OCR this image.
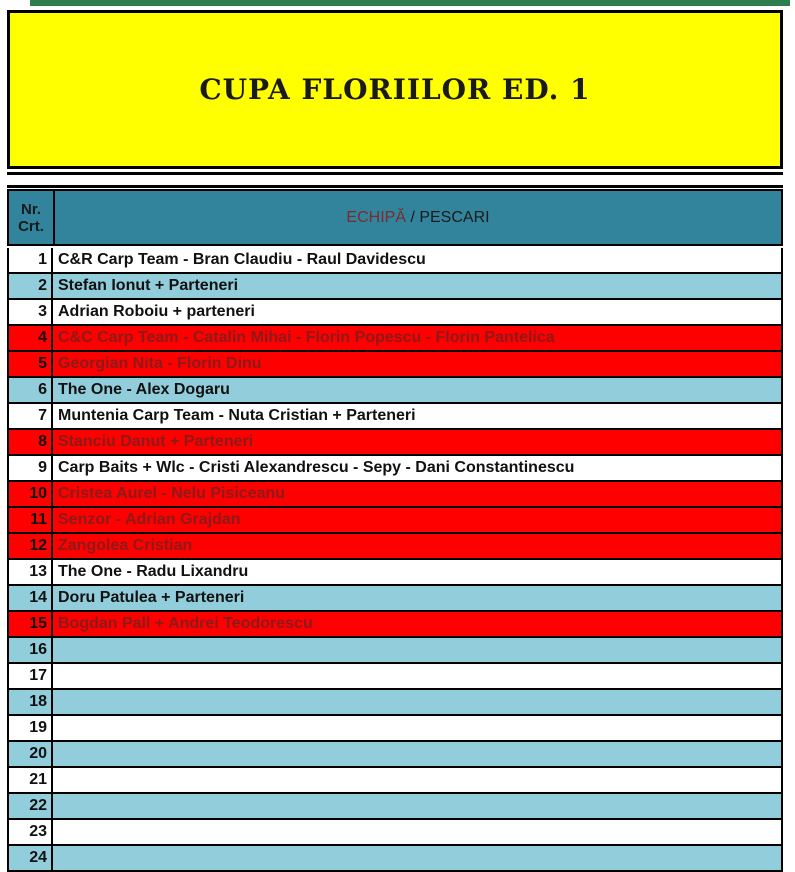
CUPA FLORIILOR ED. 1
Nr.
Crt.
ECHIPĂ / PESCARI
1 C&R Carp Team - Bran Claudiu - Raul Davidescu
2 Stefan Ionut + Parteneri
3 Adrian Roboiu + parteneri
4 C&C Carp Team - Catalin Mihai - Florin Popescu - Florin Pantelica
5 Georgian Nita - Florin Dinu
6 The One - Alex Dogaru
7 Muntenia Carp Team - Nuta Cristian + Parteneri
8 Stanciu Danut + Parteneri
9 Carp Baits + Wlc - Cristi Alexandrescu - Sepy - Dani Constantinescu
10 Cristea Aurel - Nelu Pisiceanu
11 Senzor - Adrian Grajdan
12 Zangolea Cristian
13 The One - Radu Lixandru
14 Doru Patulea + Parteneri
15 Bogdan Pall + Andrei Teodorescu
16
17
18
19
20
21
22
23
24
